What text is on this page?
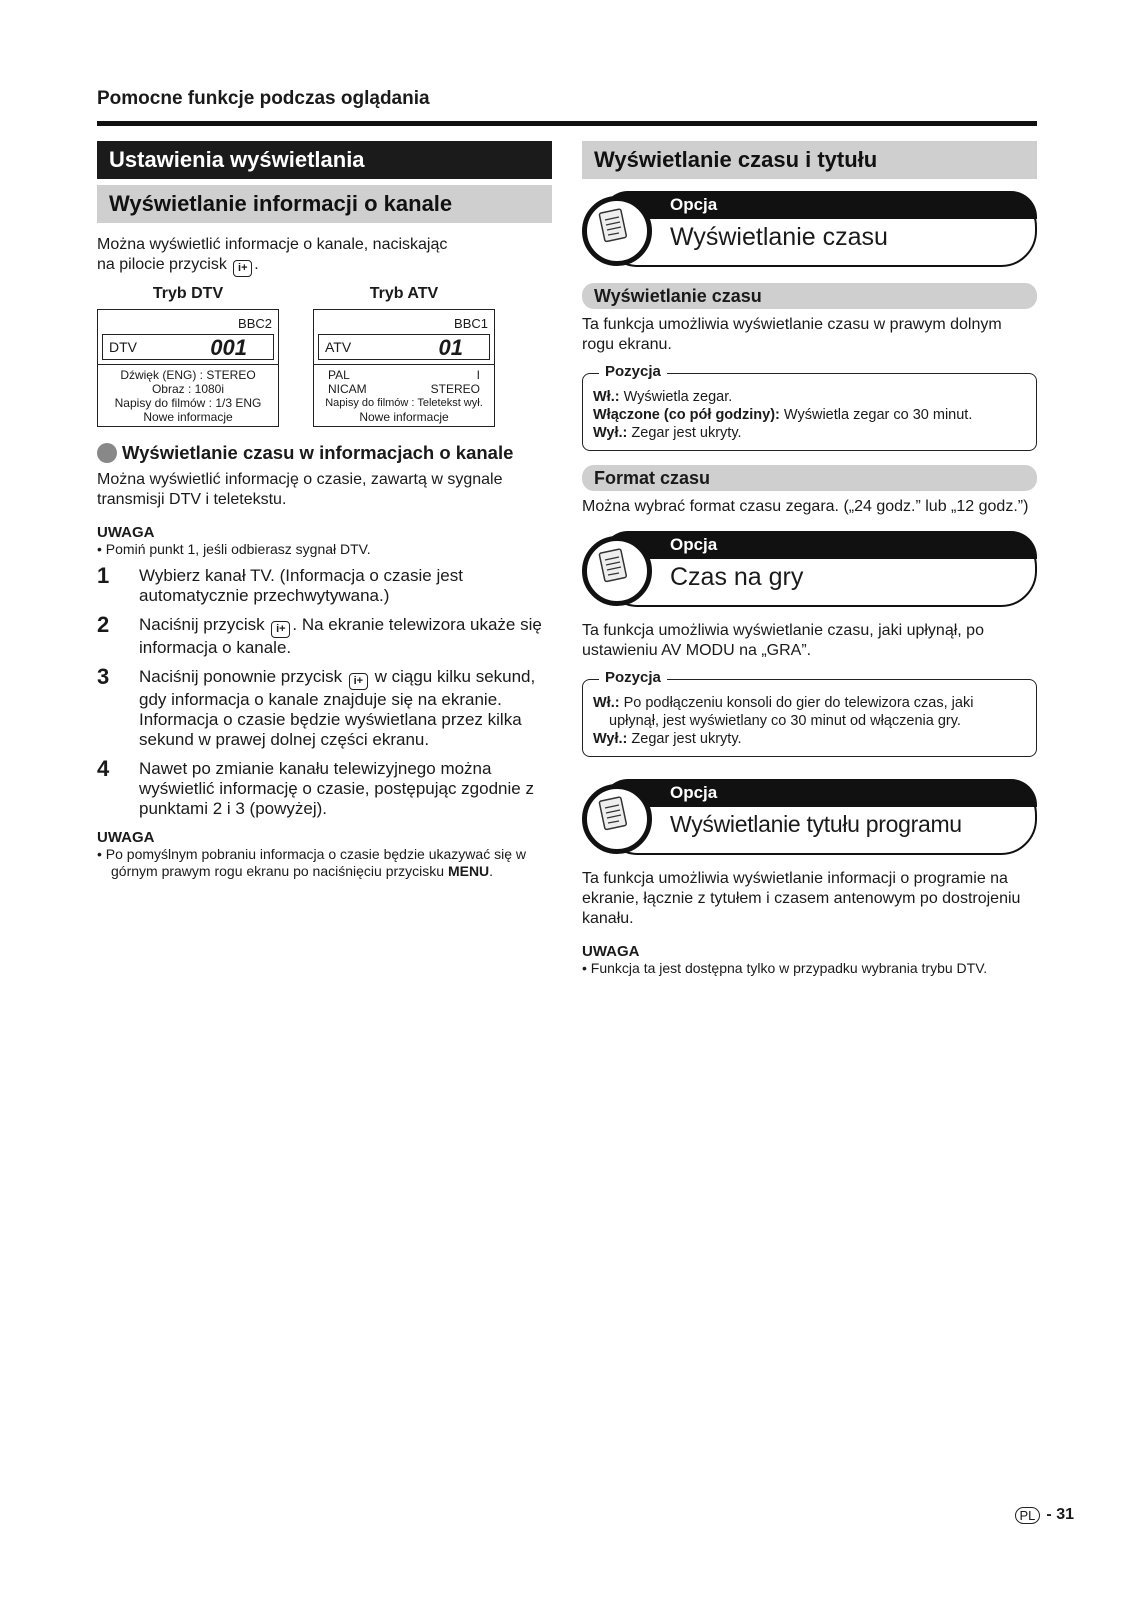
Pomocne funkcje podczas oglądania
Ustawienia wyświetlania
Wyświetlanie informacji o kanale
Można wyświetlić informacje o kanale, naciskając
na pilocie przycisk i+ .
Tryb DTV
BBC2
DTV	001
Dźwięk (ENG) : STEREO
Obraz : 1080i
Napisy do filmów : 1/3 ENG
Nowe informacje
Tryb ATV
BBC1
ATV	01
PAL	I
NICAM	STEREO
Napisy do filmów : Teletekst wył.
Nowe informacje
Wyświetlanie czasu w informacjach o kanale
Można wyświetlić informację o czasie, zawartą w sygnale transmisji DTV i teletekstu.
UWAGA
• Pomiń punkt 1, jeśli odbierasz sygnał DTV.
1	Wybierz kanał TV. (Informacja o czasie jest automatycznie przechwytywana.)
2	Naciśnij przycisk i+ . Na ekranie telewizora ukaże się informacja o kanale.
3	Naciśnij ponownie przycisk i+ w ciągu kilku sekund, gdy informacja o kanale znajduje się na ekranie. Informacja o czasie będzie wyświetlana przez kilka sekund w prawej dolnej części ekranu.
4	Nawet po zmianie kanału telewizyjnego można wyświetlić informację o czasie, postępując zgodnie z punktami 2 i 3 (powyżej).
UWAGA
• Po pomyślnym pobraniu informacja o czasie będzie ukazywać się w górnym prawym rogu ekranu po naciśnięciu przycisku MENU.
Wyświetlanie czasu i tytułu
Opcja
Wyświetlanie czasu
Wyświetlanie czasu
Ta funkcja umożliwia wyświetlanie czasu w prawym dolnym rogu ekranu.
Pozycja
Wł.: Wyświetla zegar.
Włączone (co pół godziny): Wyświetla zegar co 30 minut.
Wył.: Zegar jest ukryty.
Format czasu
Można wybrać format czasu zegara. („24 godz.” lub „12 godz.”)
Opcja
Czas na gry
Ta funkcja umożliwia wyświetlanie czasu, jaki upłynął, po ustawieniu AV MODU na „GRA”.
Pozycja
Wł.: Po podłączeniu konsoli do gier do telewizora czas, jaki upłynął, jest wyświetlany co 30 minut od włączenia gry.
Wył.: Zegar jest ukryty.
Opcja
Wyświetlanie tytułu programu
Ta funkcja umożliwia wyświetlanie informacji o programie na ekranie, łącznie z tytułem i czasem antenowym po dostrojeniu kanału.
UWAGA
• Funkcja ta jest dostępna tylko w przypadku wybrania trybu DTV.
PL - 31
